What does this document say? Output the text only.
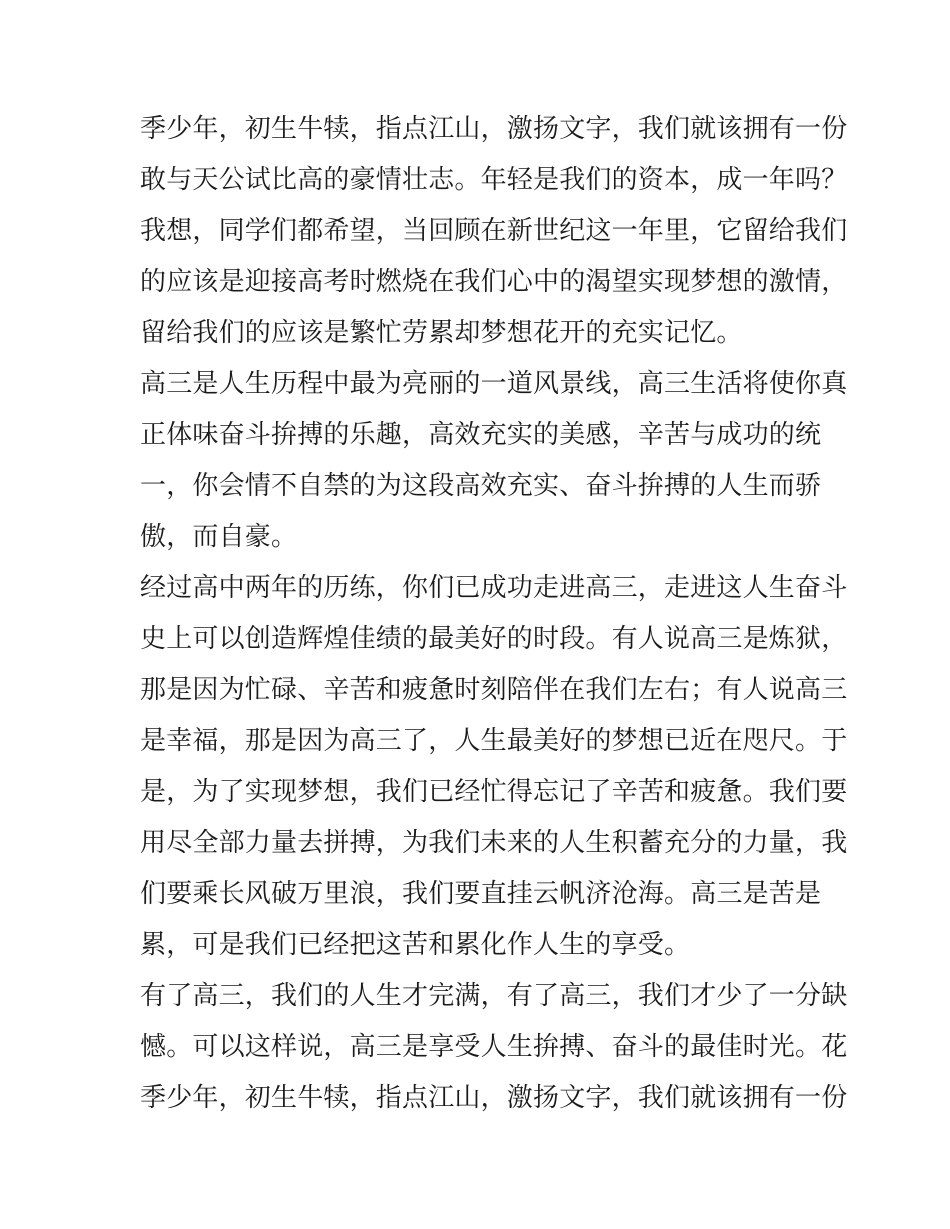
季少年，初生牛犊，指点江山，激扬文字，我们就该拥有一份
敢与天公试比高的豪情壮志。年轻是我们的资本，成一年吗？
我想，同学们都希望，当回顾在新世纪这一年里，它留给我们
的应该是迎接高考时燃烧在我们心中的渴望实现梦想的激情，
留给我们的应该是繁忙劳累却梦想花开的充实记忆。
高三是人生历程中最为亮丽的一道风景线，高三生活将使你真
正体味奋斗拚搏的乐趣，高效充实的美感，辛苦与成功的统
一，你会情不自禁的为这段高效充实、奋斗拚搏的人生而骄
傲，而自豪。
经过高中两年的历练，你们已成功走进高三，走进这人生奋斗
史上可以创造辉煌佳绩的最美好的时段。有人说高三是炼狱，
那是因为忙碌、辛苦和疲惫时刻陪伴在我们左右；有人说高三
是幸福，那是因为高三了，人生最美好的梦想已近在咫尺。于
是，为了实现梦想，我们已经忙得忘记了辛苦和疲惫。我们要
用尽全部力量去拼搏，为我们未来的人生积蓄充分的力量，我
们要乘长风破万里浪，我们要直挂云帆济沧海。高三是苦是
累，可是我们已经把这苦和累化作人生的享受。
有了高三，我们的人生才完满，有了高三，我们才少了一分缺
憾。可以这样说，高三是享受人生拚搏、奋斗的最佳时光。花
季少年，初生牛犊，指点江山，激扬文字，我们就该拥有一份
